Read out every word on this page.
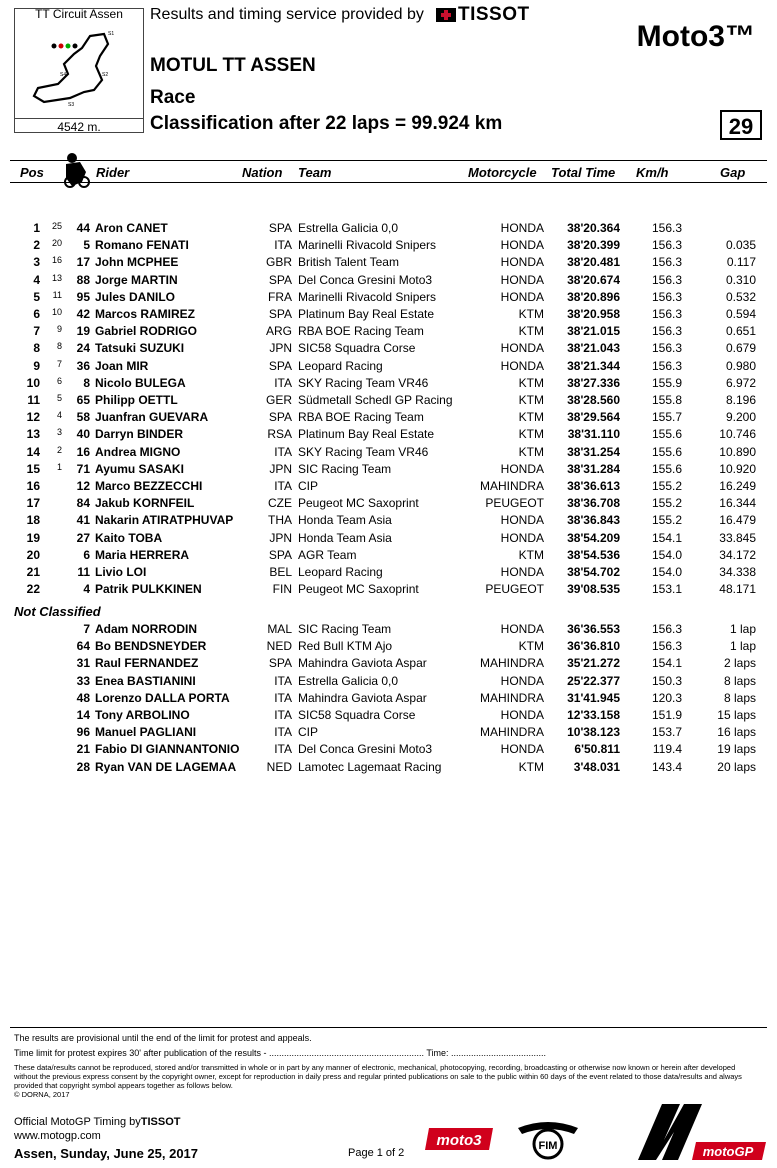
TT Circuit Assen
S1
S2
S3
S4
4542 m.
Results and timing service provided by TISSOT
Moto3™
MOTUL TT ASSEN
Race
Classification after 22 laps = 99.924 km	29
Pos	Rider	Nation Team	Motorcycle Total Time Km/h	Gap
1	25	44 Aron CANET	SPA Estrella Galicia 0,0	HONDA	38'20.364	156.3
2	20	5 Romano FENATI	ITA Marinelli Rivacold Snipers	HONDA	38'20.399	156.3	0.035
3	16	17 John MCPHEE	GBR British Talent Team	HONDA	38'20.481	156.3	0.117
4	13	88 Jorge MARTIN	SPA Del Conca Gresini Moto3	HONDA	38'20.674	156.3	0.310
5	11	95 Jules DANILO	FRA Marinelli Rivacold Snipers	HONDA	38'20.896	156.3	0.532
6	10	42 Marcos RAMIREZ	SPA Platinum Bay Real Estate	KTM	38'20.958	156.3	0.594
7	9	19 Gabriel RODRIGO	ARG RBA BOE Racing Team	KTM	38'21.015	156.3	0.651
8	8	24 Tatsuki SUZUKI	JPN SIC58 Squadra Corse	HONDA	38'21.043	156.3	0.679
9	7	36 Joan MIR	SPA Leopard Racing	HONDA	38'21.344	156.3	0.980
10	6	8 Nicolo BULEGA	ITA SKY Racing Team VR46	KTM	38'27.336	155.9	6.972
11	5	65 Philipp OETTL	GER Südmetall Schedl GP Racing	KTM	38'28.560	155.8	8.196
12	4	58 Juanfran GUEVARA	SPA RBA BOE Racing Team	KTM	38'29.564	155.7	9.200
13	3	40 Darryn BINDER	RSA Platinum Bay Real Estate	KTM	38'31.110	155.6	10.746
14	2	16 Andrea MIGNO	ITA SKY Racing Team VR46	KTM	38'31.254	155.6	10.890
15	1	71 Ayumu SASAKI	JPN SIC Racing Team	HONDA	38'31.284	155.6	10.920
16	12 Marco BEZZECCHI	ITA CIP	MAHINDRA	38'36.613	155.2	16.249
17	84 Jakub KORNFEIL	CZE Peugeot MC Saxoprint	PEUGEOT	38'36.708	155.2	16.344
18	41 Nakarin ATIRATPHUVAP	THA Honda Team Asia	HONDA	38'36.843	155.2	16.479
19	27 Kaito TOBA	JPN Honda Team Asia	HONDA	38'54.209	154.1	33.845
20	6 Maria HERRERA	SPA AGR Team	KTM	38'54.536	154.0	34.172
21	11 Livio LOI	BEL Leopard Racing	HONDA	38'54.702	154.0	34.338
22	4 Patrik PULKKINEN	FIN Peugeot MC Saxoprint	PEUGEOT	39'08.535	153.1	48.171
Not Classified
7 Adam NORRODIN	MAL SIC Racing Team	HONDA	36'36.553	156.3	1 lap
64 Bo BENDSNEYDER	NED Red Bull KTM Ajo	KTM	36'36.810	156.3	1 lap
31 Raul FERNANDEZ	SPA Mahindra Gaviota Aspar	MAHINDRA	35'21.272	154.1	2 laps
33 Enea BASTIANINI	ITA Estrella Galicia 0,0	HONDA	25'22.377	150.3	8 laps
48 Lorenzo DALLA PORTA	ITA Mahindra Gaviota Aspar	MAHINDRA	31'41.945	120.3	8 laps
14 Tony ARBOLINO	ITA SIC58 Squadra Corse	HONDA	12'33.158	151.9	15 laps
96 Manuel PAGLIANI	ITA CIP	MAHINDRA	10'38.123	153.7	16 laps
21 Fabio DI GIANNANTONIO	ITA Del Conca Gresini Moto3	HONDA	6'50.811	119.4	19 laps
28 Ryan VAN DE LAGEMAA	NED Lamotec Lagemaat Racing	KTM	3'48.031	143.4	20 laps
The results are provisional until the end of the limit for protest and appeals.
Time limit for protest expires 30' after publication of the results - .............................................................. Time: ......................................
These data/results cannot be reproduced, stored and/or transmitted in whole or in part by any manner of electronic, mechanical, photocopying, recording, broadcasting or otherwise now known or herein after developed without the previous express consent by the copyright owner, except for reproduction in daily press and regular printed publications on sale to the public within 60 days of the event related to those data/results and always provided that copyright symbol appears together as follows below.
© DORNA, 2017
Official MotoGP Timing byTISSOT
www.motogp.com
Assen, Sunday, June 25, 2017	Page 1 of 2
moto3	FIM	motoGP
